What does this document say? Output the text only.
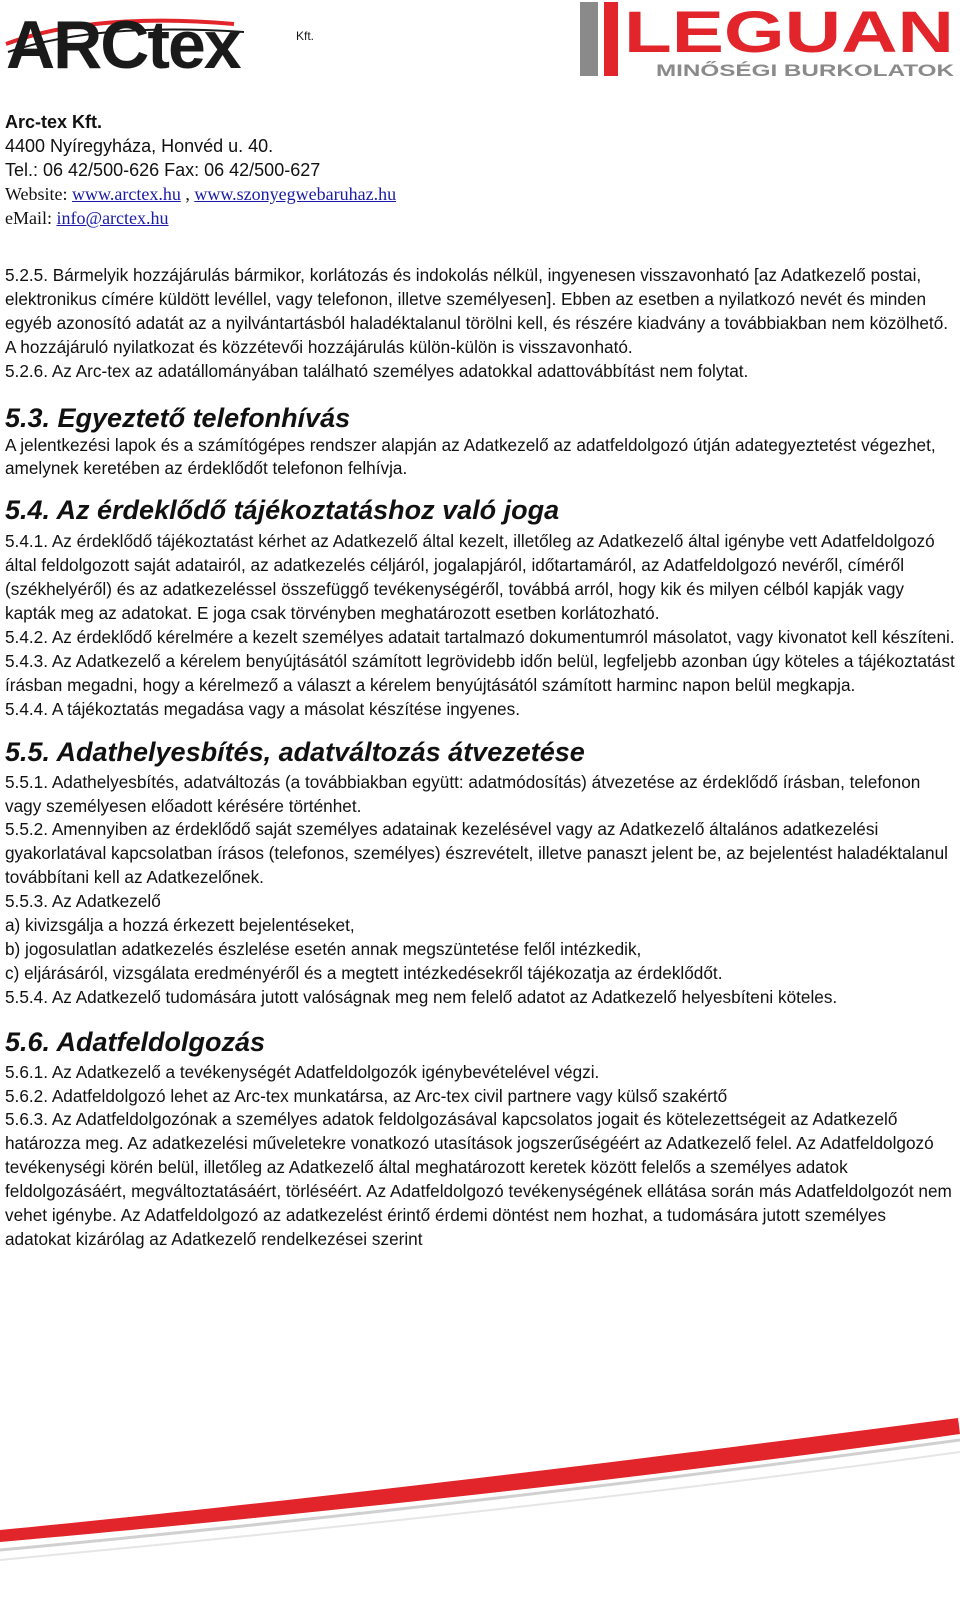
ARCtex	Kft.	LEGUAN
MINŐSÉGI BURKOLATOK
Arc-tex Kft.
4400 Nyíregyháza, Honvéd u. 40.
Tel.: 06 42/500-626 Fax: 06 42/500-627
Website: www.arctex.hu , www.szonyegwebaruhaz.hu
eMail: info@arctex.hu

5.2.5. Bármelyik hozzájárulás bármikor, korlátozás és indokolás nélkül, ingyenesen visszavonható [az Adatkezelő postai, elektronikus címére küldött levéllel, vagy telefonon, illetve személyesen]. Ebben az esetben a nyilatkozó nevét és minden egyéb azonosító adatát az a nyilvántartásból haladéktalanul törölni kell, és részére kiadvány a továbbiakban nem közölhető. A hozzájáruló nyilatkozat és közzétevői hozzájárulás külön-külön is visszavonható.

5.2.6. Az Arc-tex az adatállományában található személyes adatokkal adattovábbítást nem folytat.

5.3. Egyeztető telefonhívás

A jelentkezési lapok és a számítógépes rendszer alapján az Adatkezelő az adatfeldolgozó útján adategyeztetést végezhet, amelynek keretében az érdeklődőt telefonon felhívja.

5.4. Az érdeklődő tájékoztatáshoz való joga

5.4.1. Az érdeklődő tájékoztatást kérhet az Adatkezelő által kezelt, illetőleg az Adatkezelő által igénybe vett Adatfeldolgozó által feldolgozott saját adatairól, az adatkezelés céljáról, jogalapjáról, időtartamáról, az Adatfeldolgozó nevéről, címéről (székhelyéről) és az adatkezeléssel összefüggő tevékenységéről, továbbá arról, hogy kik és milyen célból kapják vagy kapták meg az adatokat. E joga csak törvényben meghatározott esetben korlátozható.

5.4.2. Az érdeklődő kérelmére a kezelt személyes adatait tartalmazó dokumentumról másolatot, vagy kivonatot kell készíteni.

5.4.3. Az Adatkezelő a kérelem benyújtásától számított legrövidebb időn belül, legfeljebb azonban úgy köteles a tájékoztatást írásban megadni, hogy a kérelmező a választ a kérelem benyújtásától számított harminc napon belül megkapja.

5.4.4. A tájékoztatás megadása vagy a másolat készítése ingyenes.

5.5. Adathelyesbítés, adatváltozás átvezetése

5.5.1. Adathelyesbítés, adatváltozás (a továbbiakban együtt: adatmódosítás) átvezetése az érdeklődő írásban, telefonon vagy személyesen előadott kérésére történhet.

5.5.2. Amennyiben az érdeklődő saját személyes adatainak kezelésével vagy az Adatkezelő általános adatkezelési gyakorlatával kapcsolatban írásos (telefonos, személyes) észrevételt, illetve panaszt jelent be, az bejelentést haladéktalanul továbbítani kell az Adatkezelőnek.

5.5.3. Az Adatkezelő

a) kivizsgálja a hozzá érkezett bejelentéseket,

b) jogosulatlan adatkezelés észlelése esetén annak megszüntetése felől intézkedik,

c) eljárásáról, vizsgálata eredményéről és a megtett intézkedésekről tájékozatja az érdeklődőt.

5.5.4. Az Adatkezelő tudomására jutott valóságnak meg nem felelő adatot az Adatkezelő helyesbíteni köteles.

5.6. Adatfeldolgozás

5.6.1. Az Adatkezelő a tevékenységét Adatfeldolgozók igénybevételével végzi.

5.6.2. Adatfeldolgozó lehet az Arc-tex munkatársa, az Arc-tex civil partnere vagy külső szakértő

5.6.3. Az Adatfeldolgozónak a személyes adatok feldolgozásával kapcsolatos jogait és kötelezettségeit az Adatkezelő határozza meg. Az adatkezelési műveletekre vonatkozó utasítások jogszerűségéért az Adatkezelő felel. Az Adatfeldolgozó tevékenységi körén belül, illetőleg az Adatkezelő által meghatározott keretek között felelős a személyes adatok feldolgozásáért, megváltoztatásáért, törléséért. Az Adatfeldolgozó tevékenységének ellátása során más Adatfeldolgozót nem vehet igénybe. Az Adatfeldolgozó az adatkezelést érintő érdemi döntést nem hozhat, a tudomására jutott személyes adatokat kizárólag az Adatkezelő rendelkezései szerint
